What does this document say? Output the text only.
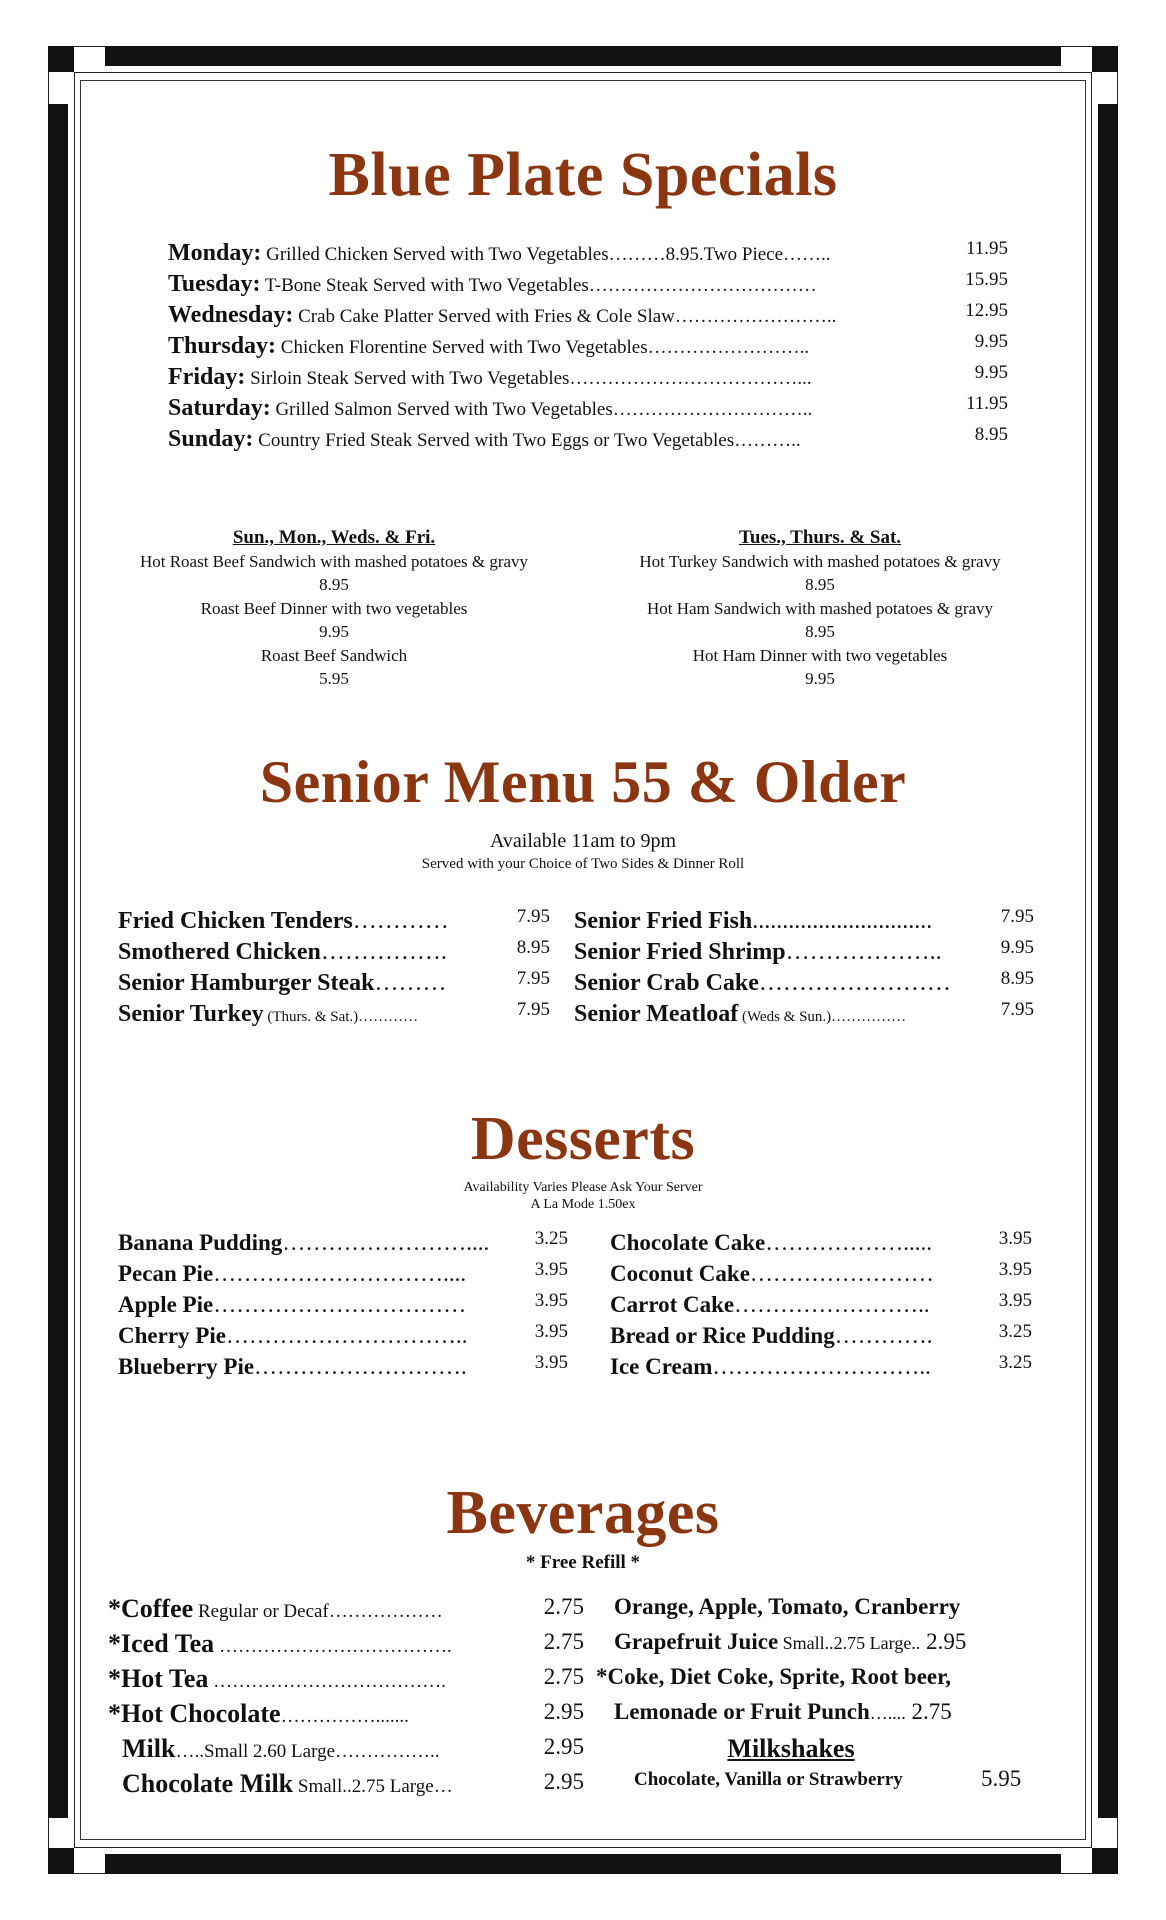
Blue Plate Specials
Monday: Grilled Chicken Served with Two Vegetables………8.95.Two Piece……..	11.95
Tuesday: T-Bone Steak Served with Two Vegetables………………………………	15.95
Wednesday: Crab Cake Platter Served with Fries & Cole Slaw……………………..	12.95
Thursday: Chicken Florentine Served with Two Vegetables……………………..	9.95
Friday: Sirloin Steak Served with Two Vegetables………………………………...	9.95
Saturday: Grilled Salmon Served with Two Vegetables…………………………..	11.95
Sunday: Country Fried Steak Served with Two Eggs or Two Vegetables………..	8.95
Sun., Mon., Weds. & Fri.
Hot Roast Beef Sandwich with mashed potatoes & gravy
8.95
Roast Beef Dinner with two vegetables
9.95
Roast Beef Sandwich
5.95
Tues., Thurs. & Sat.
Hot Turkey Sandwich with mashed potatoes & gravy
8.95
Hot Ham Sandwich with mashed potatoes & gravy
8.95
Hot Ham Dinner with two vegetables
9.95
Senior Menu 55 & Older
Available 11am to 9pm
Served with your Choice of Two Sides & Dinner Roll
Fried Chicken Tenders…………	7.95
Smothered Chicken…………….	8.95
Senior Hamburger Steak………	7.95
Senior Turkey (Thurs. & Sat.)…………	7.95
Senior Fried Fish..............................	7.95
Senior Fried Shrimp………………..	9.95
Senior Crab Cake……………………	8.95
Senior Meatloaf (Weds & Sun.)……………	7.95
Desserts
Availability Varies Please Ask Your Server
A La Mode 1.50ex
Banana Pudding……………………....	3.25
Pecan Pie…………………………....	3.95
Apple Pie……………………………	3.95
Cherry Pie…………………………..	3.95
Blueberry Pie……………………….	3.95
Chocolate Cake……………….....	3.95
Coconut Cake……………………	3.95
Carrot Cake……………………..	3.95
Bread or Rice Pudding………….	3.25
Ice Cream………………………..	3.25
Beverages
* Free Refill *
*Coffee Regular or Decaf………………	2.75
*Iced Tea ……………………………….	2.75
*Hot Tea ……………………………….	2.75
*Hot Chocolate…………….......	2.95
Milk…..Small 2.60 Large……………..	2.95
Chocolate Milk Small..2.75 Large…	2.95
Orange, Apple, Tomato, Cranberry
Grapefruit Juice Small..2.75 Large.. 2.95
*Coke, Diet Coke, Sprite, Root beer,
Lemonade or Fruit Punch….... 2.75
Milkshakes
Chocolate, Vanilla or Strawberry	5.95
